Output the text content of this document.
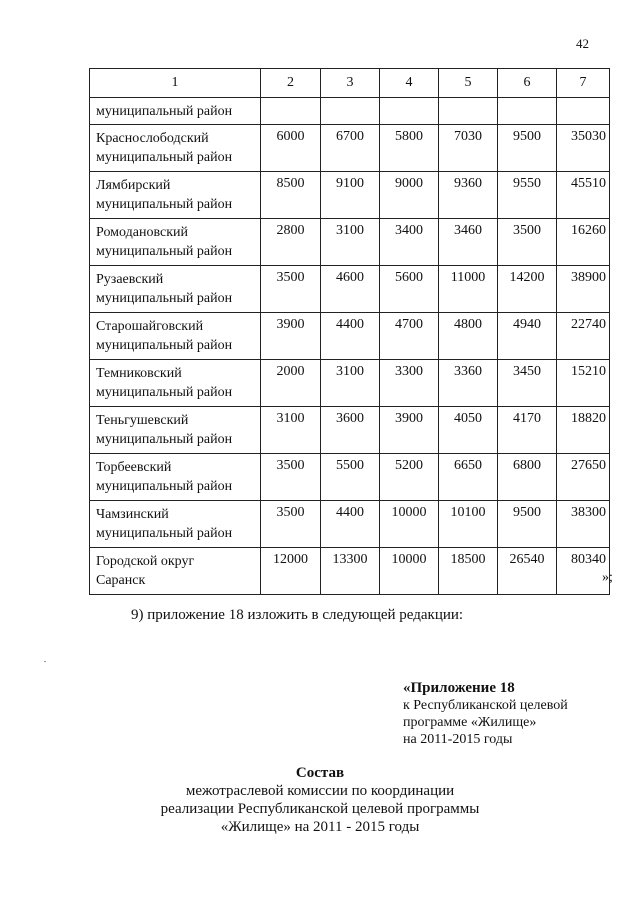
42
1	2	3	4	5	6	7
муниципальный район						
Краснослободский
муниципальный район	6000	6700	5800	7030	9500	35030
Лямбирский
муниципальный район	8500	9100	9000	9360	9550	45510
Ромодановский
муниципальный район	2800	3100	3400	3460	3500	16260
Рузаевский
муниципальный район	3500	4600	5600	11000	14200	38900
Старошайговский
муниципальный район	3900	4400	4700	4800	4940	22740
Темниковский
муниципальный район	2000	3100	3300	3360	3450	15210
Теньгушевский
муниципальный район	3100	3600	3900	4050	4170	18820
Торбеевский
муниципальный район	3500	5500	5200	6650	6800	27650
Чамзинский
муниципальный район	3500	4400	10000	10100	9500	38300
Городской округ
Саранск	12000	13300	10000	18500	26540	80340
»;
9) приложение 18 изложить в следующей редакции:
«Приложение 18
к Республиканской целевой
программе «Жилище»
на 2011-2015 годы
Состав
межотраслевой комиссии по координации
реализации Республиканской целевой программы
«Жилище» на 2011 - 2015 годы
